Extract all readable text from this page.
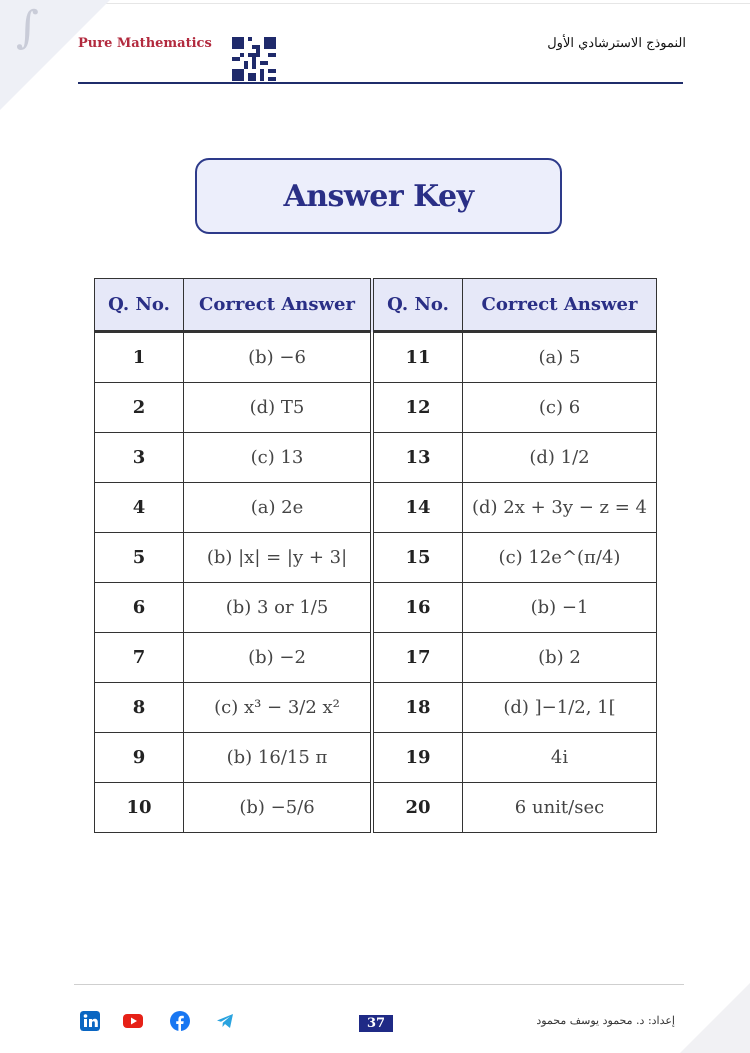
∫	Pure Mathematics	النموذج الاسترشادي الأول
Answer Key
Q. No.	Correct Answer	Q. No.	Correct Answer
1	(b) −6	11	(a) 5
2	(d) T5	12	(c) 6
3	(c) 13	13	(d) 1/2
4	(a) 2e	14	(d) 2x + 3y − z = 4
5	(b) |x| = |y + 3|	15	(c) 12e^(π/4)
6	(b) 3 or 1/5	16	(b) −1
7	(b) −2	17	(b) 2
8	(c) x³ − 3/2 x²	18	(d) ]−1/2, 1[
9	(b) 16/15 π	19	4i
10	(b) −5/6	20	6 unit/sec
37	إعداد: د. محمود يوسف محمود
